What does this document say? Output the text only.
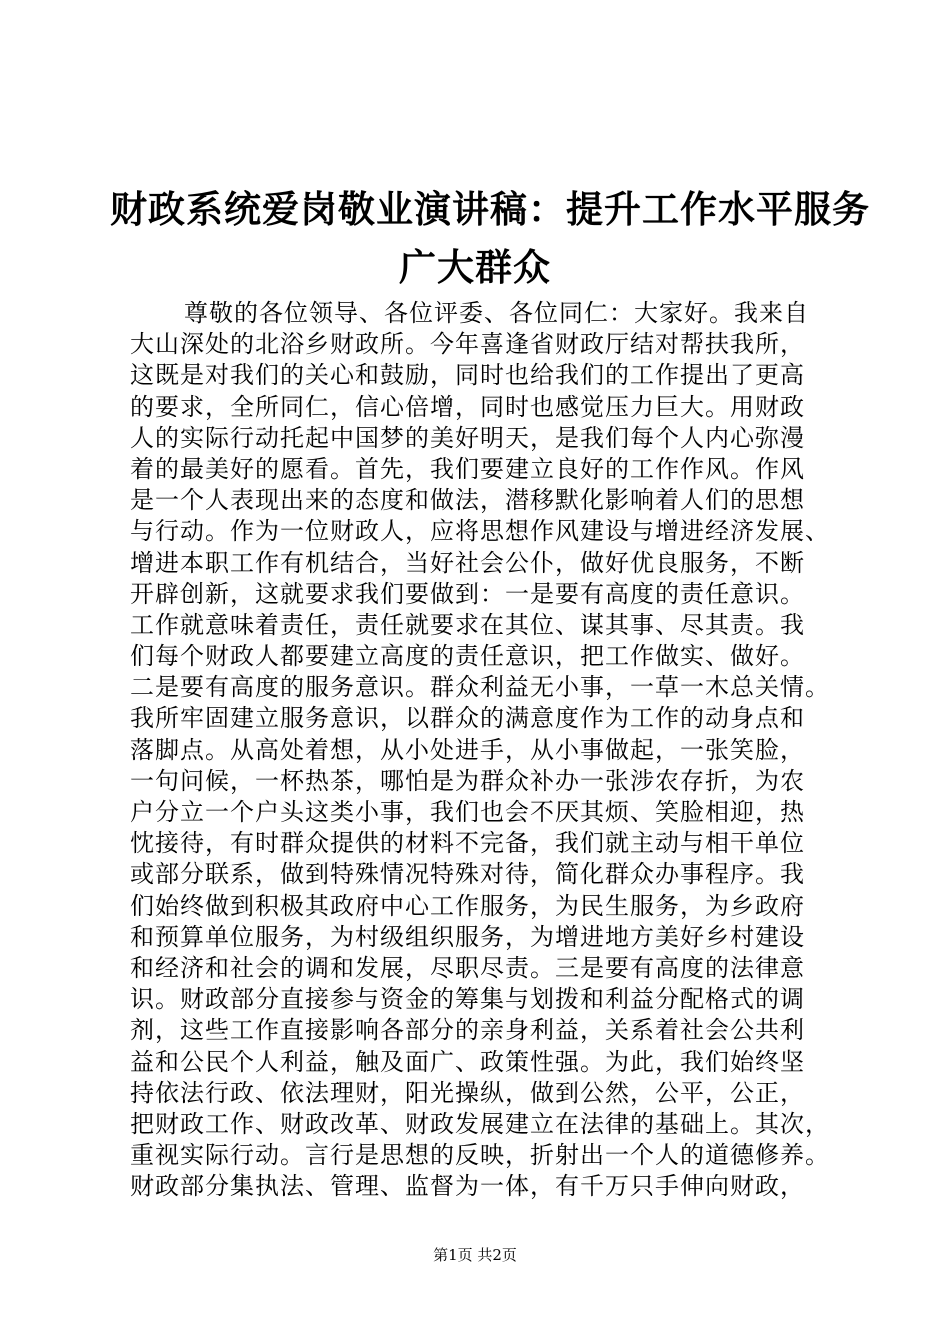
财政系统爱岗敬业演讲稿：提升工作水平服务
广大群众
尊敬的各位领导、各位评委、各位同仁：大家好。我来自
大山深处的北浴乡财政所。今年喜逢省财政厅结对帮扶我所，
这既是对我们的关心和鼓励，同时也给我们的工作提出了更高
的要求，全所同仁，信心倍增，同时也感觉压力巨大。用财政
人的实际行动托起中国梦的美好明天，是我们每个人内心弥漫
着的最美好的愿看。首先，我们要建立良好的工作作风。作风
是一个人表现出来的态度和做法，潜移默化影响着人们的思想
与行动。作为一位财政人，应将思想作风建设与增进经济发展、
增进本职工作有机结合，当好社会公仆，做好优良服务，不断
开辟创新，这就要求我们要做到：一是要有高度的责任意识。
工作就意味着责任，责任就要求在其位、谋其事、尽其责。我
们每个财政人都要建立高度的责任意识，把工作做实、做好。
二是要有高度的服务意识。群众利益无小事，一草一木总关情。
我所牢固建立服务意识，以群众的满意度作为工作的动身点和
落脚点。从高处着想，从小处进手，从小事做起，一张笑脸，
一句问候，一杯热茶，哪怕是为群众补办一张涉农存折，为农
户分立一个户头这类小事，我们也会不厌其烦、笑脸相迎，热
忱接待，有时群众提供的材料不完备，我们就主动与相干单位
或部分联系，做到特殊情况特殊对待，简化群众办事程序。我
们始终做到积极其政府中心工作服务，为民生服务，为乡政府
和预算单位服务，为村级组织服务，为增进地方美好乡村建设
和经济和社会的调和发展，尽职尽责。三是要有高度的法律意
识。财政部分直接参与资金的筹集与划拨和利益分配格式的调
剂，这些工作直接影响各部分的亲身利益，关系着社会公共利
益和公民个人利益，触及面广、政策性强。为此，我们始终坚
持依法行政、依法理财，阳光操纵，做到公然，公平，公正，
把财政工作、财政改革、财政发展建立在法律的基础上。其次，
重视实际行动。言行是思想的反映，折射出一个人的道德修养。
财政部分集执法、管理、监督为一体，有千万只手伸向财政，
第1页 共2页
